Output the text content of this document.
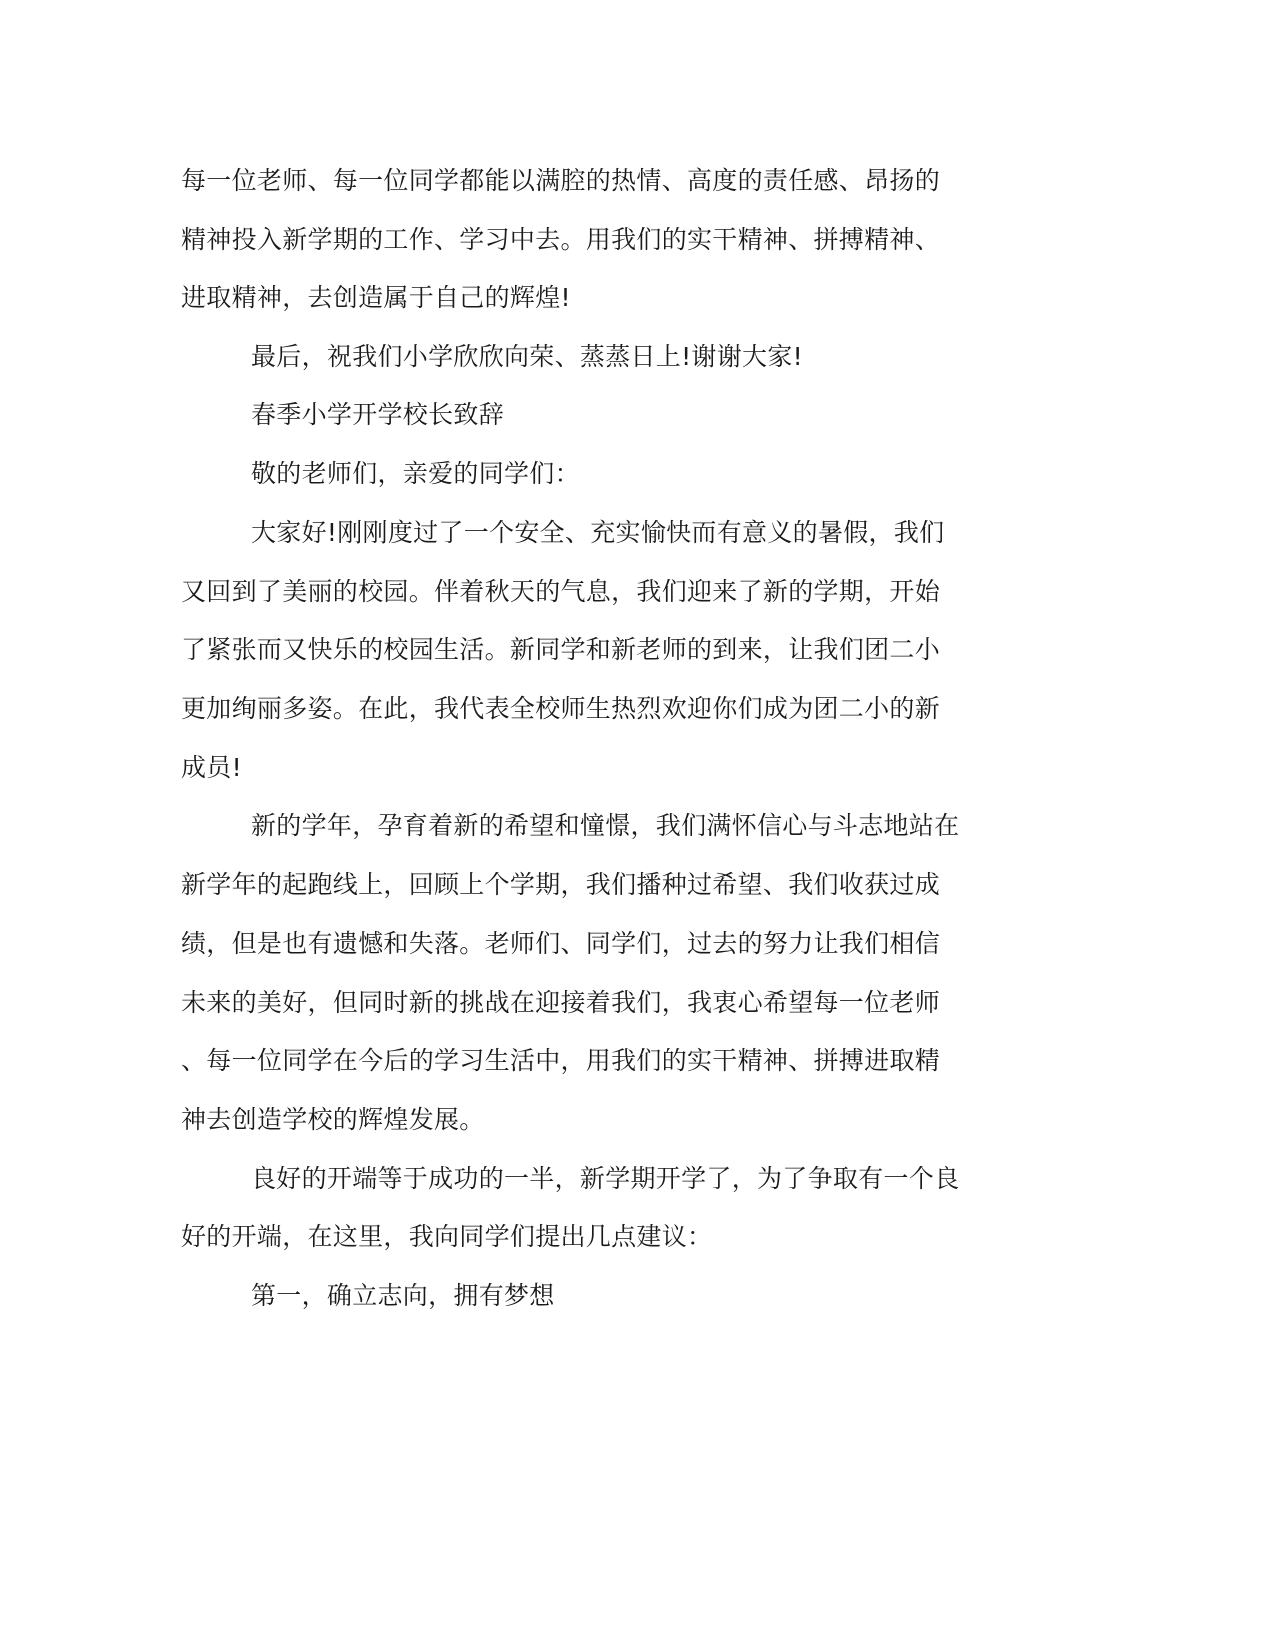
每一位老师、每一位同学都能以满腔的热情、高度的责任感、昂扬的
精神投入新学期的工作、学习中去。用我们的实干精神、拼搏精神、
进取精神，去创造属于自己的辉煌!
最后，祝我们小学欣欣向荣、蒸蒸日上!谢谢大家!
春季小学开学校长致辞
敬的老师们，亲爱的同学们：
大家好!刚刚度过了一个安全、充实愉快而有意义的暑假，我们
又回到了美丽的校园。伴着秋天的气息，我们迎来了新的学期，开始
了紧张而又快乐的校园生活。新同学和新老师的到来，让我们团二小
更加绚丽多姿。在此，我代表全校师生热烈欢迎你们成为团二小的新
成员!
新的学年，孕育着新的希望和憧憬，我们满怀信心与斗志地站在
新学年的起跑线上，回顾上个学期，我们播种过希望、我们收获过成
绩，但是也有遗憾和失落。老师们、同学们，过去的努力让我们相信
未来的美好，但同时新的挑战在迎接着我们，我衷心希望每一位老师
、每一位同学在今后的学习生活中，用我们的实干精神、拼搏进取精
神去创造学校的辉煌发展。
良好的开端等于成功的一半，新学期开学了，为了争取有一个良
好的开端，在这里，我向同学们提出几点建议：
第一，确立志向，拥有梦想
